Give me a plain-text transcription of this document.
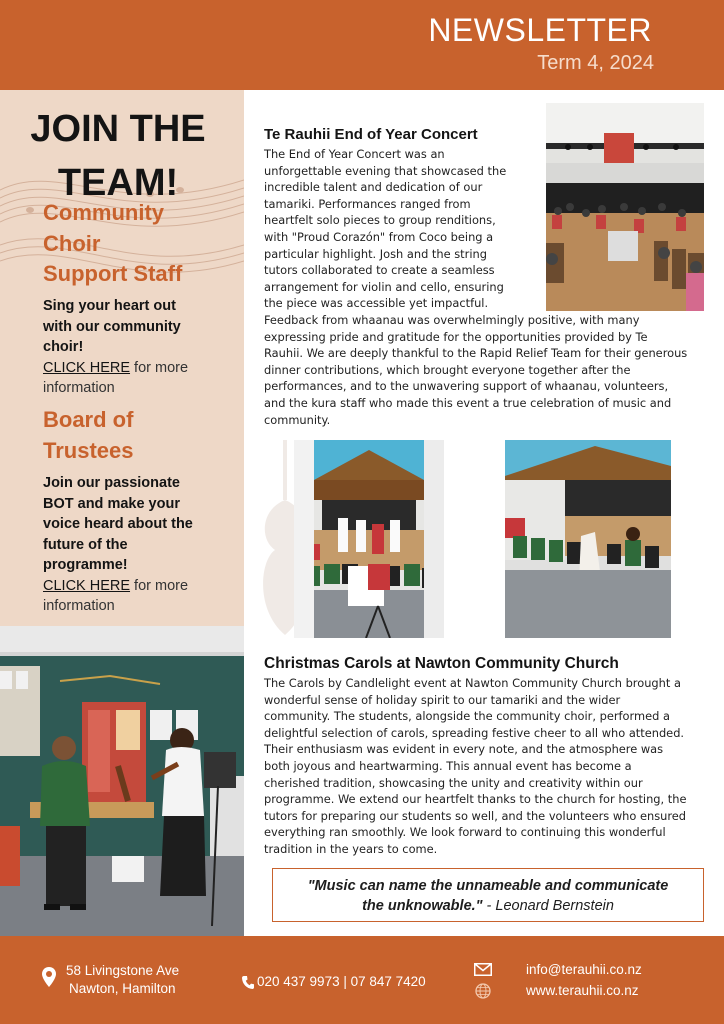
NEWSLETTER
Term 4, 2024
JOIN THE
TEAM!
Community
Choir
Support Staff
Sing your heart out
with our community
choir!
CLICK HERE for more
information
Board of
Trustees
Join our passionate
BOT and make your
voice heard about the
future of the
programme!
CLICK HERE for more
information
Te Rauhii End of Year Concert
The End of Year Concert was an
unforgettable evening that showcased the
incredible talent and dedication of our
tamariki. Performances ranged from
heartfelt solo pieces to group renditions,
with "Proud Corazón" from Coco being a
particular highlight. Josh and the string
tutors collaborated to create a seamless
arrangement for violin and cello, ensuring
the piece was accessible yet impactful.
Feedback from whaanau was overwhelmingly positive, with many
expressing pride and gratitude for the opportunities provided by Te
Rauhii. We are deeply thankful to the Rapid Relief Team for their generous
dinner contributions, which brought everyone together after the
performances, and to the unwavering support of whaanau, volunteers,
and the kura staff who made this event a true celebration of music and
community.
Christmas Carols at Nawton Community Church
The Carols by Candlelight event at Nawton Community Church brought a
wonderful sense of holiday spirit to our tamariki and the wider
community. The students, alongside the community choir, performed a
delightful selection of carols, spreading festive cheer to all who attended.
Their enthusiasm was evident in every note, and the atmosphere was
both joyous and heartwarming. This annual event has become a
cherished tradition, showcasing the unity and creativity within our
programme. We extend our heartfelt thanks to the church for hosting, the
tutors for preparing our students so well, and the volunteers who ensured
everything ran smoothly. We look forward to continuing this wonderful
tradition in the years to come.
"Music can name the unnameable and communicate
the unknowable." - Leonard Bernstein
58 Livingstone Ave
Nawton, Hamilton	020 437 9973 | 07 847 7420
info@terauhii.co.nz
www.terauhii.co.nz
